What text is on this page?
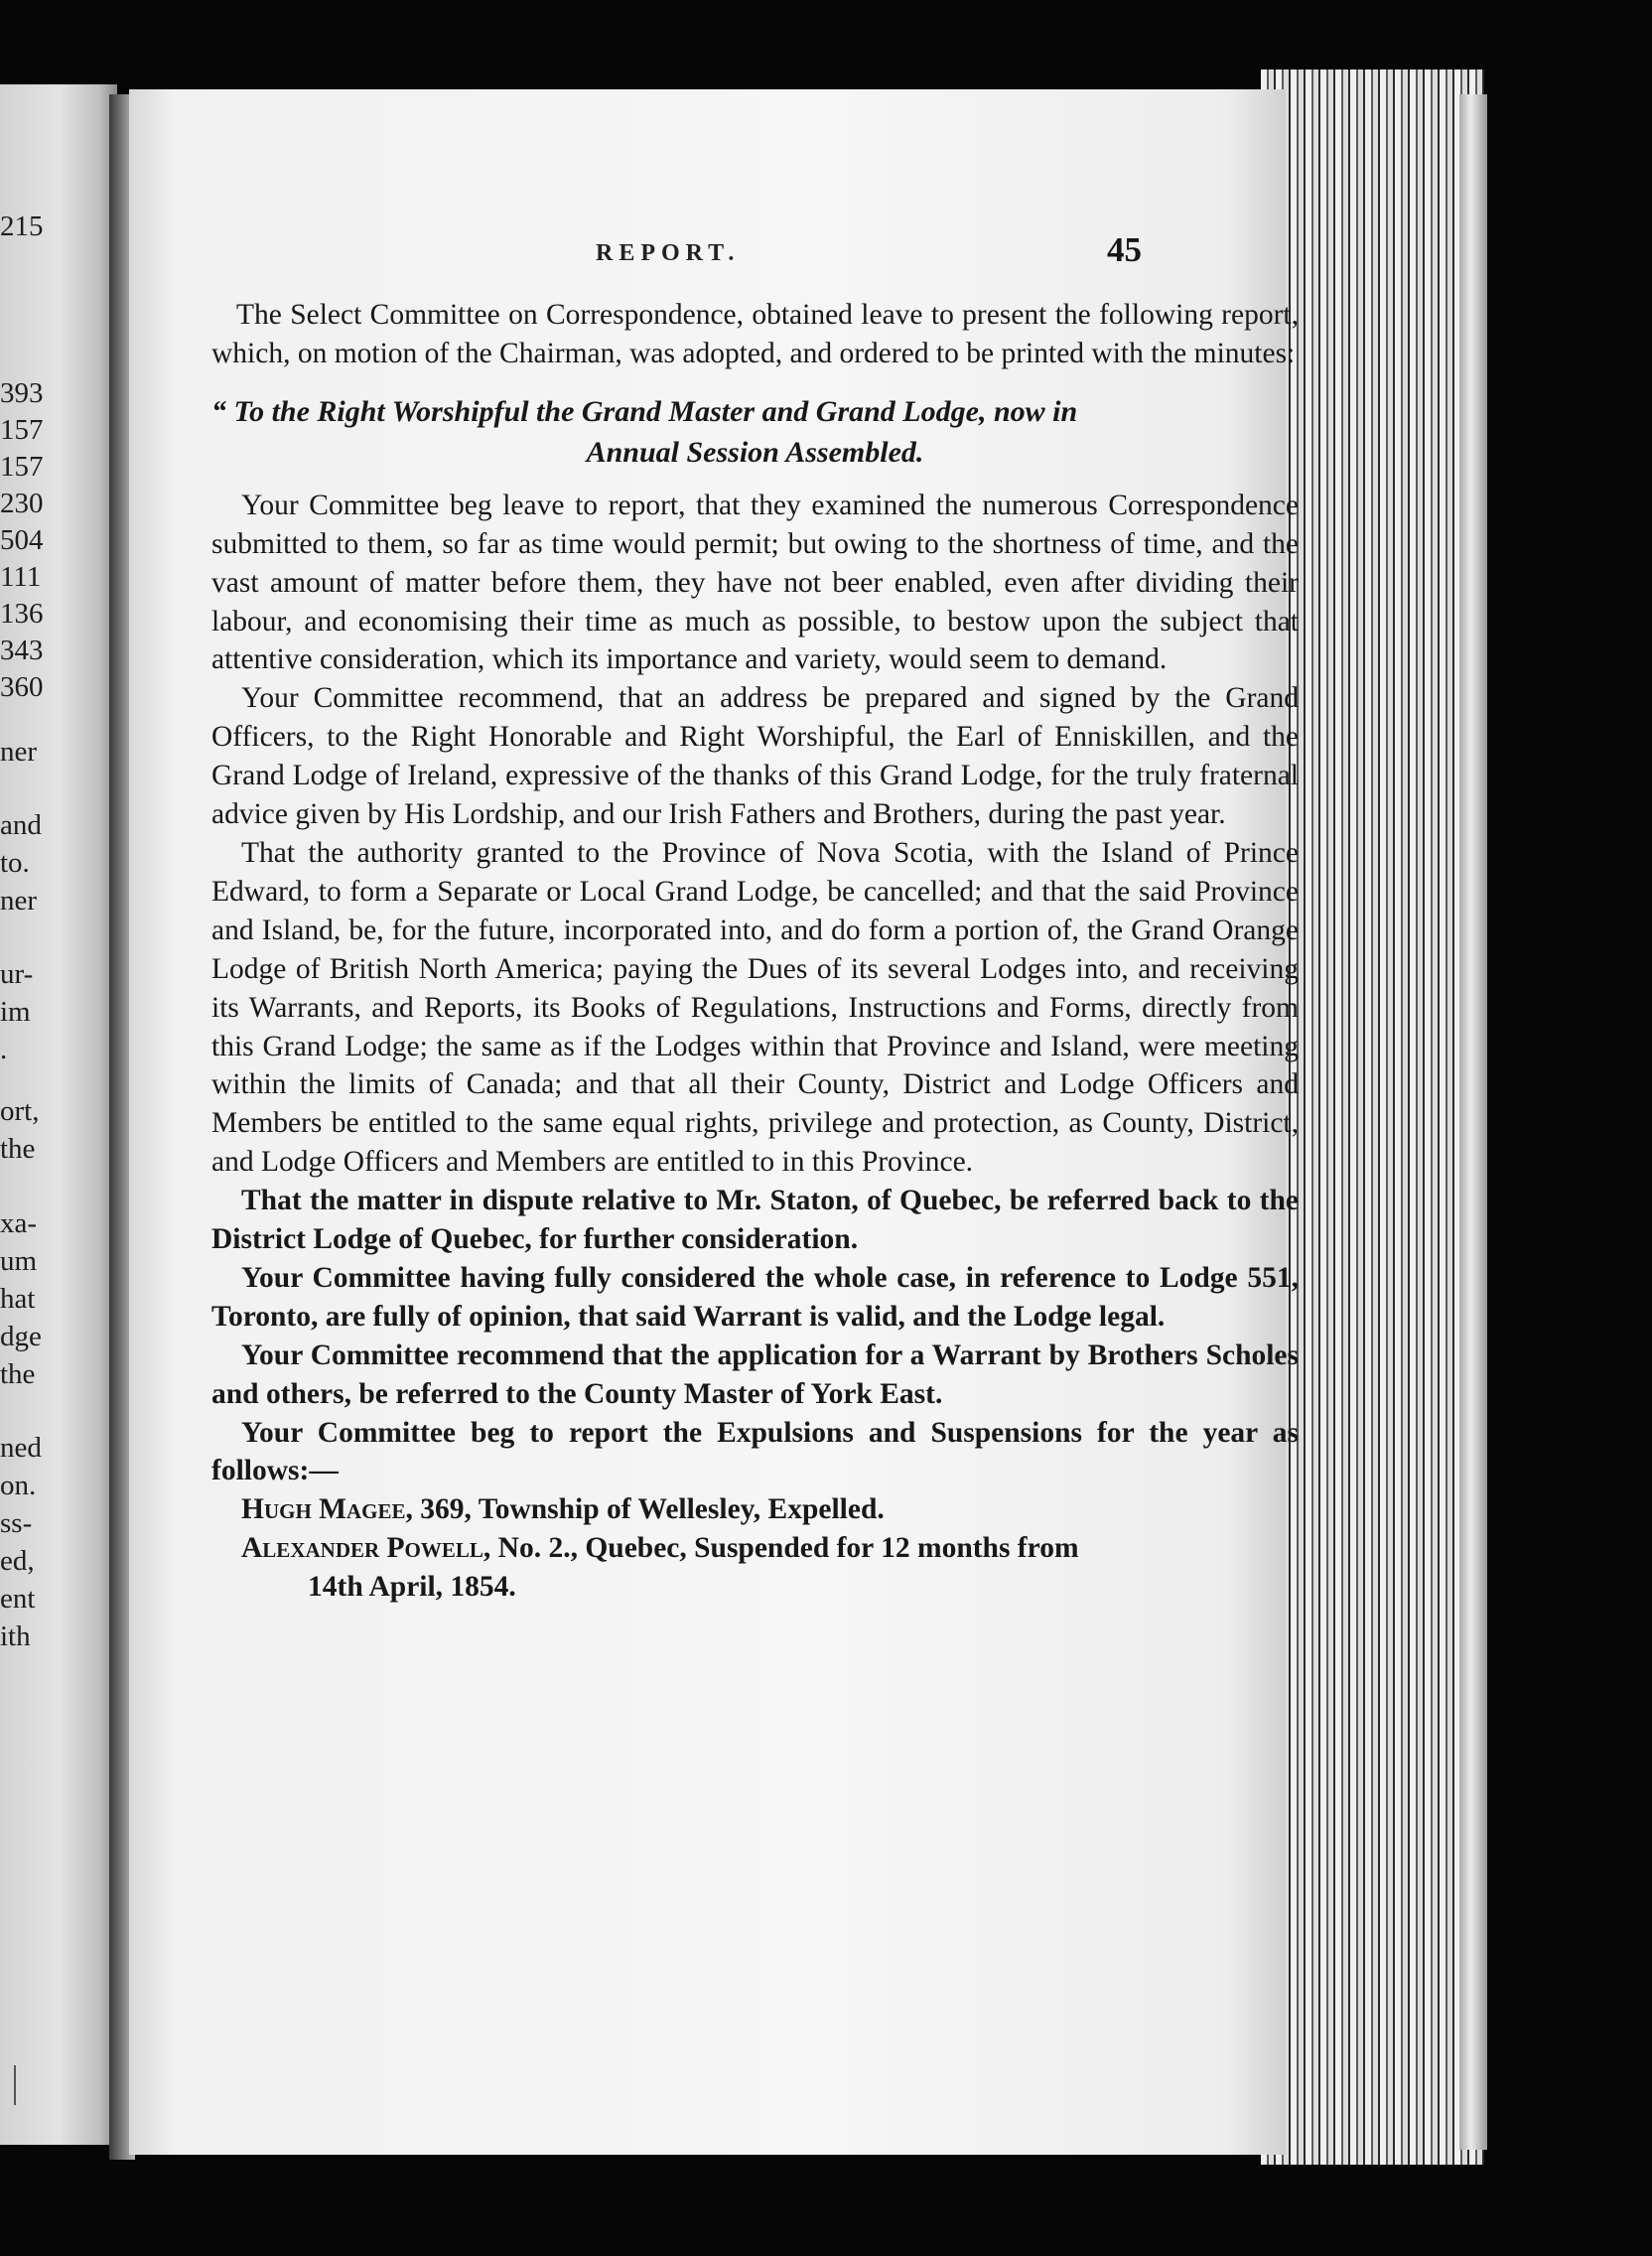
215
393
157
157
230
504
111
136
343
360
ner
and
to.
ner
ur-
im
.
ort,
the
xa-
um
hat
dge
the
ned
on.
ss-
ed,
ent
ith
REPORT.	45

The Select Committee on Correspondence, obtained leave to present the following report, which, on motion of the Chairman, was adopted, and ordered to be printed with the minutes:

“ To the Right Worshipful the Grand Master and Grand Lodge, now in
Annual Session Assembled.

Your Committee beg leave to report, that they examined the numerous Correspondence submitted to them, so far as time would permit; but owing to the shortness of time, and the vast amount of matter before them, they have not beer enabled, even after dividing their labour, and economising their time as much as possible, to bestow upon the subject that attentive consideration, which its importance and variety, would seem to demand.

Your Committee recommend, that an address be prepared and signed by the Grand Officers, to the Right Honorable and Right Worshipful, the Earl of Enniskillen, and the Grand Lodge of Ireland, expressive of the thanks of this Grand Lodge, for the truly fraternal advice given by His Lordship, and our Irish Fathers and Brothers, during the past year.

That the authority granted to the Province of Nova Scotia, with the Island of Prince Edward, to form a Separate or Local Grand Lodge, be cancelled; and that the said Province and Island, be, for the future, incorporated into, and do form a portion of, the Grand Orange Lodge of British North America; paying the Dues of its several Lodges into, and receiving its Warrants, and Reports, its Books of Regulations, Instructions and Forms, directly from this Grand Lodge; the same as if the Lodges within that Province and Island, were meeting within the limits of Canada; and that all their County, District and Lodge Officers and Members be entitled to the same equal rights, privilege and protection, as County, District, and Lodge Officers and Members are entitled to in this Province.

That the matter in dispute relative to Mr. Staton, of Quebec, be referred back to the District Lodge of Quebec, for further consideration.

Your Committee having fully considered the whole case, in reference to Lodge 551, Toronto, are fully of opinion, that said Warrant is valid, and the Lodge legal.

Your Committee recommend that the application for a Warrant by Brothers Scholes and others, be referred to the County Master of York East.

Your Committee beg to report the Expulsions and Suspensions for the year as follows:—

Hugh Magee, 369, Township of Wellesley, Expelled.

Alexander Powell, No. 2., Quebec, Suspended for 12 months from
14th April, 1854.
